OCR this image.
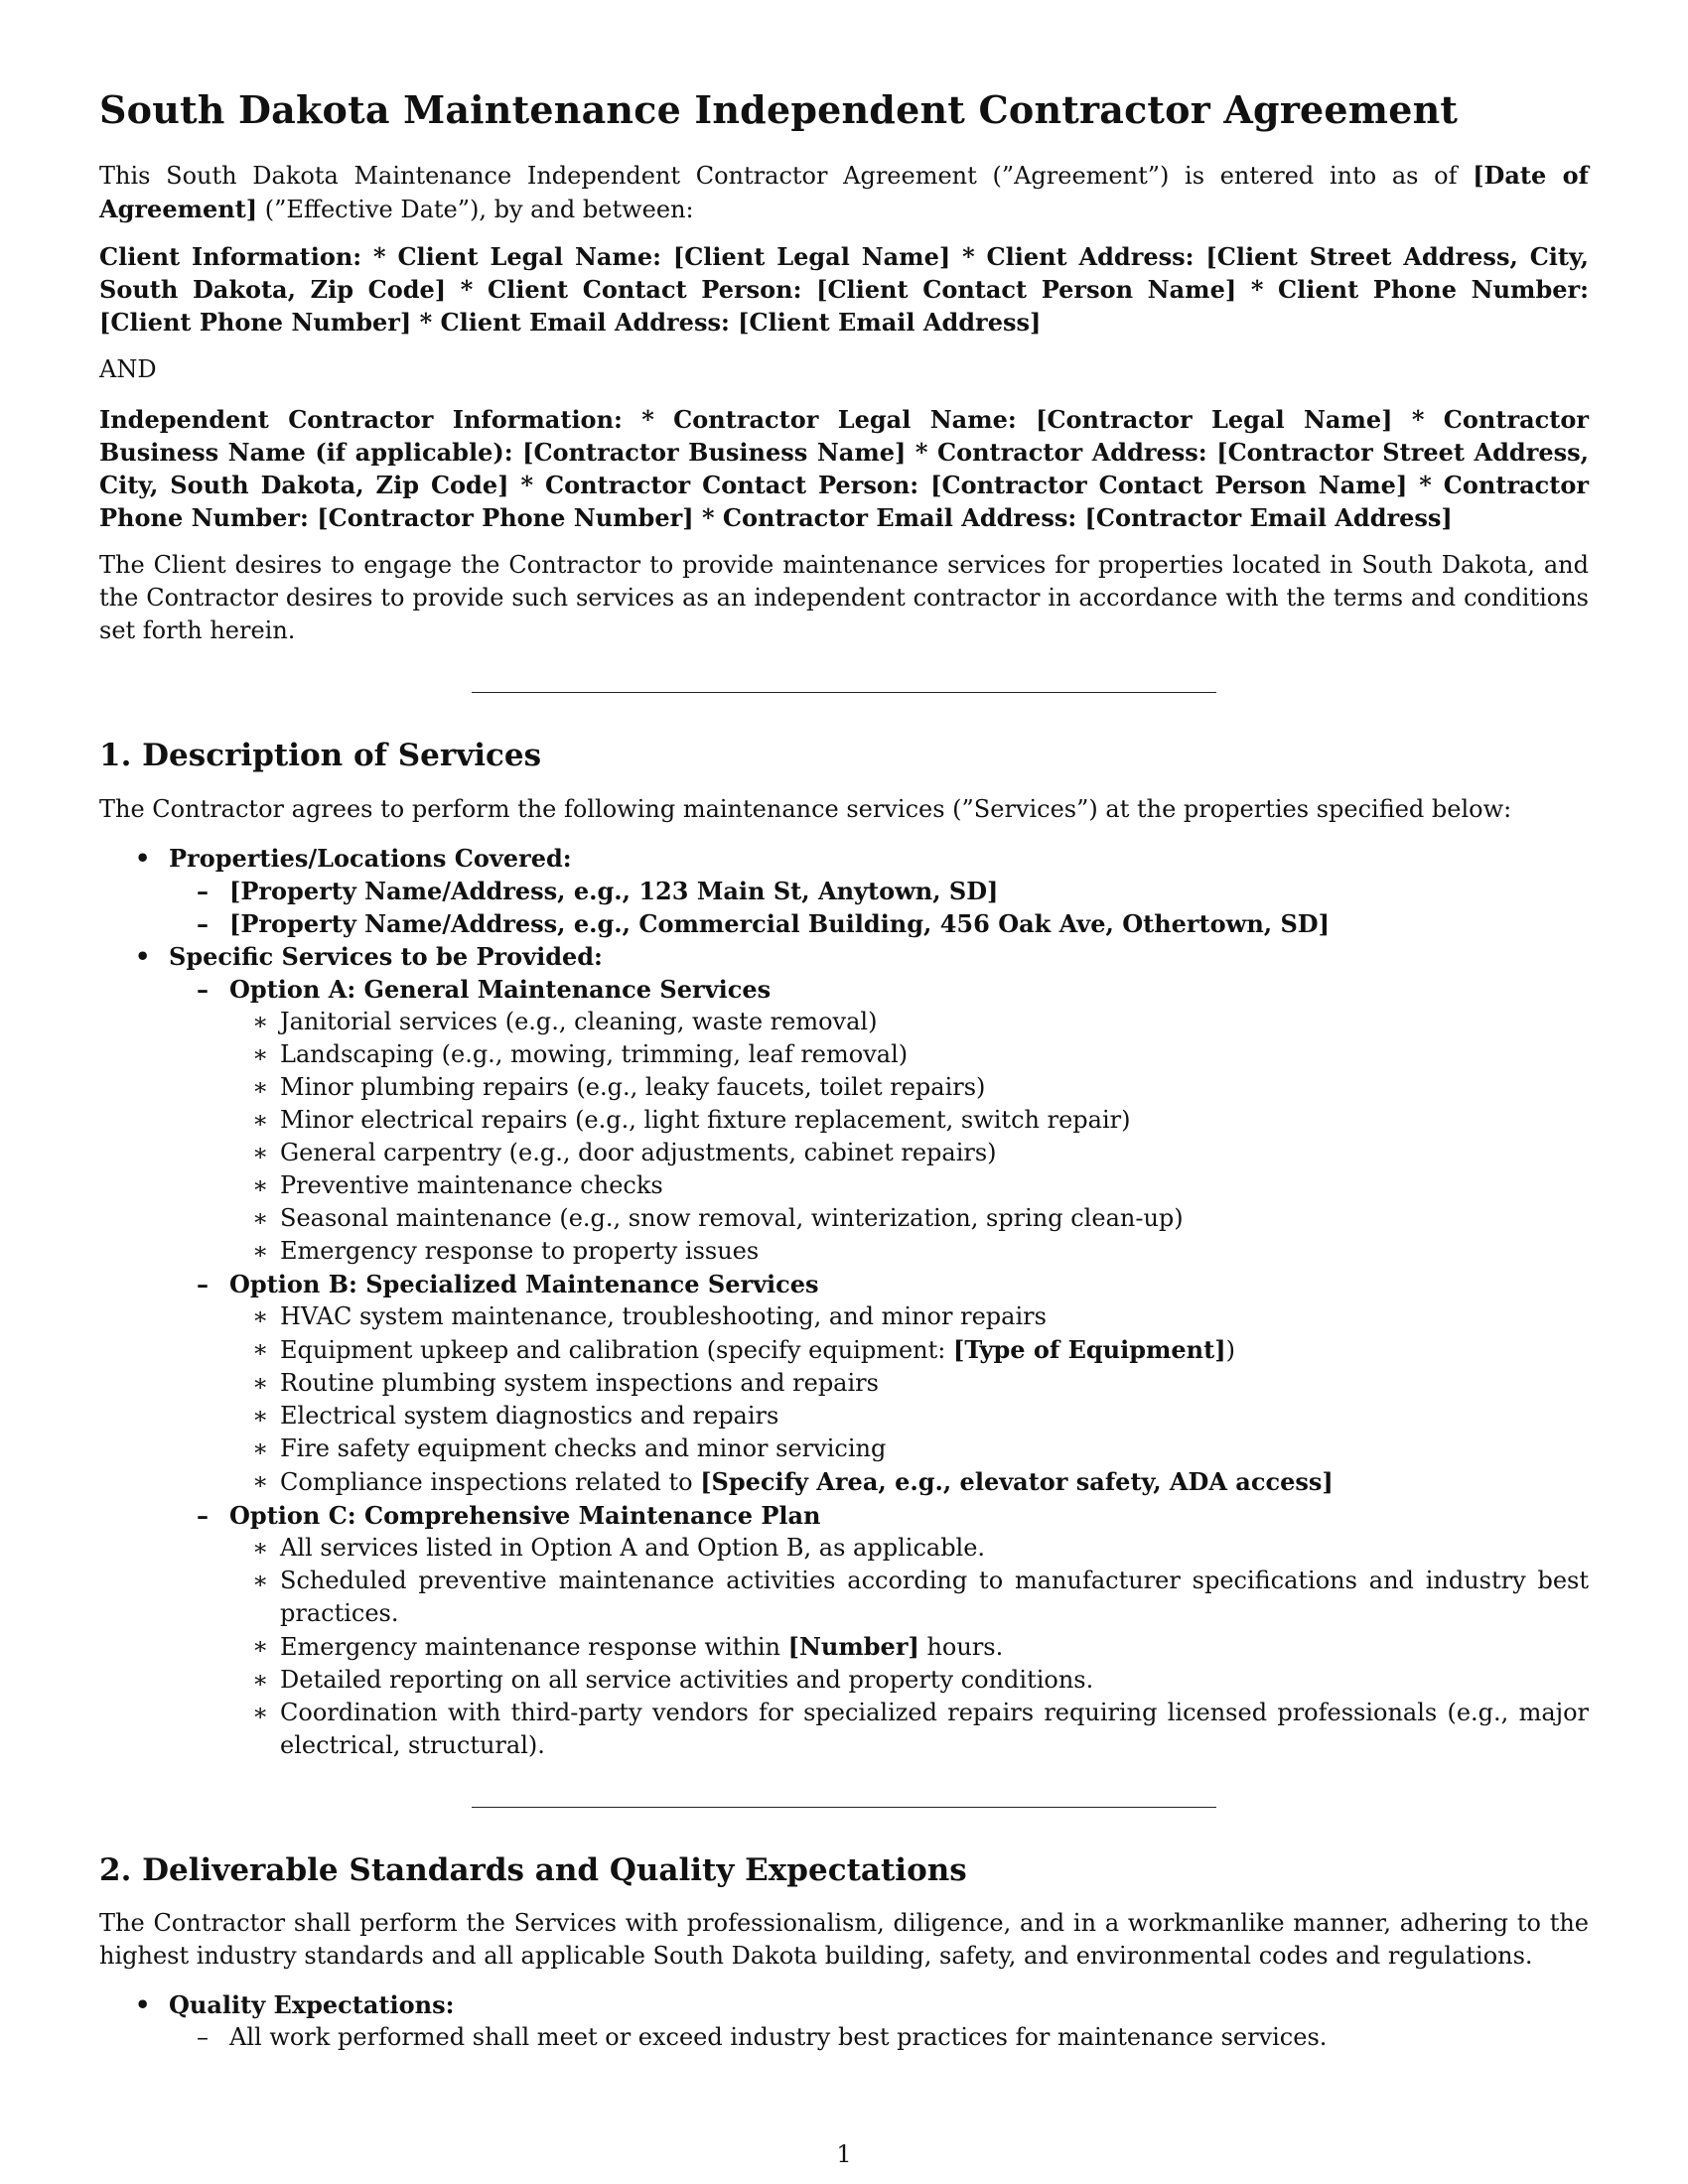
South Dakota Maintenance Independent Contractor Agreement

This South Dakota Maintenance Independent Contractor Agreement (”Agreement”) is entered into as of [Date of Agreement] (”Effective Date”), by and between:

Client Information: * Client Legal Name: [Client Legal Name] * Client Address: [Client Street Address, City, South Dakota, Zip Code] * Client Contact Person: [Client Contact Person Name] * Client Phone Number: [Client Phone Number] * Client Email Address: [Client Email Address]

AND

Independent Contractor Information: * Contractor Legal Name: [Contractor Legal Name] * Contractor Business Name (if applicable): [Contractor Business Name] * Contractor Address: [Contractor Street Address, City, South Dakota, Zip Code] * Contractor Contact Person: [Contractor Contact Person Name] * Contractor Phone Number: [Contractor Phone Number] * Contractor Email Address: [Contractor Email Address]

The Client desires to engage the Contractor to provide maintenance services for properties located in South Dakota, and the Contractor desires to provide such services as an independent contractor in accordance with the terms and conditions set forth herein.

1. Description of Services

The Contractor agrees to perform the following maintenance services (”Services”) at the properties specified below:

• Properties/Locations Covered:
– [Property Name/Address, e.g., 123 Main St, Anytown, SD]
– [Property Name/Address, e.g., Commercial Building, 456 Oak Ave, Othertown, SD]
• Specific Services to be Provided:
– Option A: General Maintenance Services
∗ Janitorial services (e.g., cleaning, waste removal)
∗ Landscaping (e.g., mowing, trimming, leaf removal)
∗ Minor plumbing repairs (e.g., leaky faucets, toilet repairs)
∗ Minor electrical repairs (e.g., light fixture replacement, switch repair)
∗ General carpentry (e.g., door adjustments, cabinet repairs)
∗ Preventive maintenance checks
∗ Seasonal maintenance (e.g., snow removal, winterization, spring clean-up)
∗ Emergency response to property issues
– Option B: Specialized Maintenance Services
∗ HVAC system maintenance, troubleshooting, and minor repairs
∗ Equipment upkeep and calibration (specify equipment: [Type of Equipment])
∗ Routine plumbing system inspections and repairs
∗ Electrical system diagnostics and repairs
∗ Fire safety equipment checks and minor servicing
∗ Compliance inspections related to [Specify Area, e.g., elevator safety, ADA access]
– Option C: Comprehensive Maintenance Plan
∗ All services listed in Option A and Option B, as applicable.
∗ Scheduled preventive maintenance activities according to manufacturer specifications and industry best practices.
∗ Emergency maintenance response within [Number] hours.
∗ Detailed reporting on all service activities and property conditions.
∗ Coordination with third-party vendors for specialized repairs requiring licensed professionals (e.g., major electrical, structural).
2. Deliverable Standards and Quality Expectations

The Contractor shall perform the Services with professionalism, diligence, and in a workmanlike manner, adhering to the highest industry standards and all applicable South Dakota building, safety, and environmental codes and regulations.

• Quality Expectations:
– All work performed shall meet or exceed industry best practices for maintenance services.
1
